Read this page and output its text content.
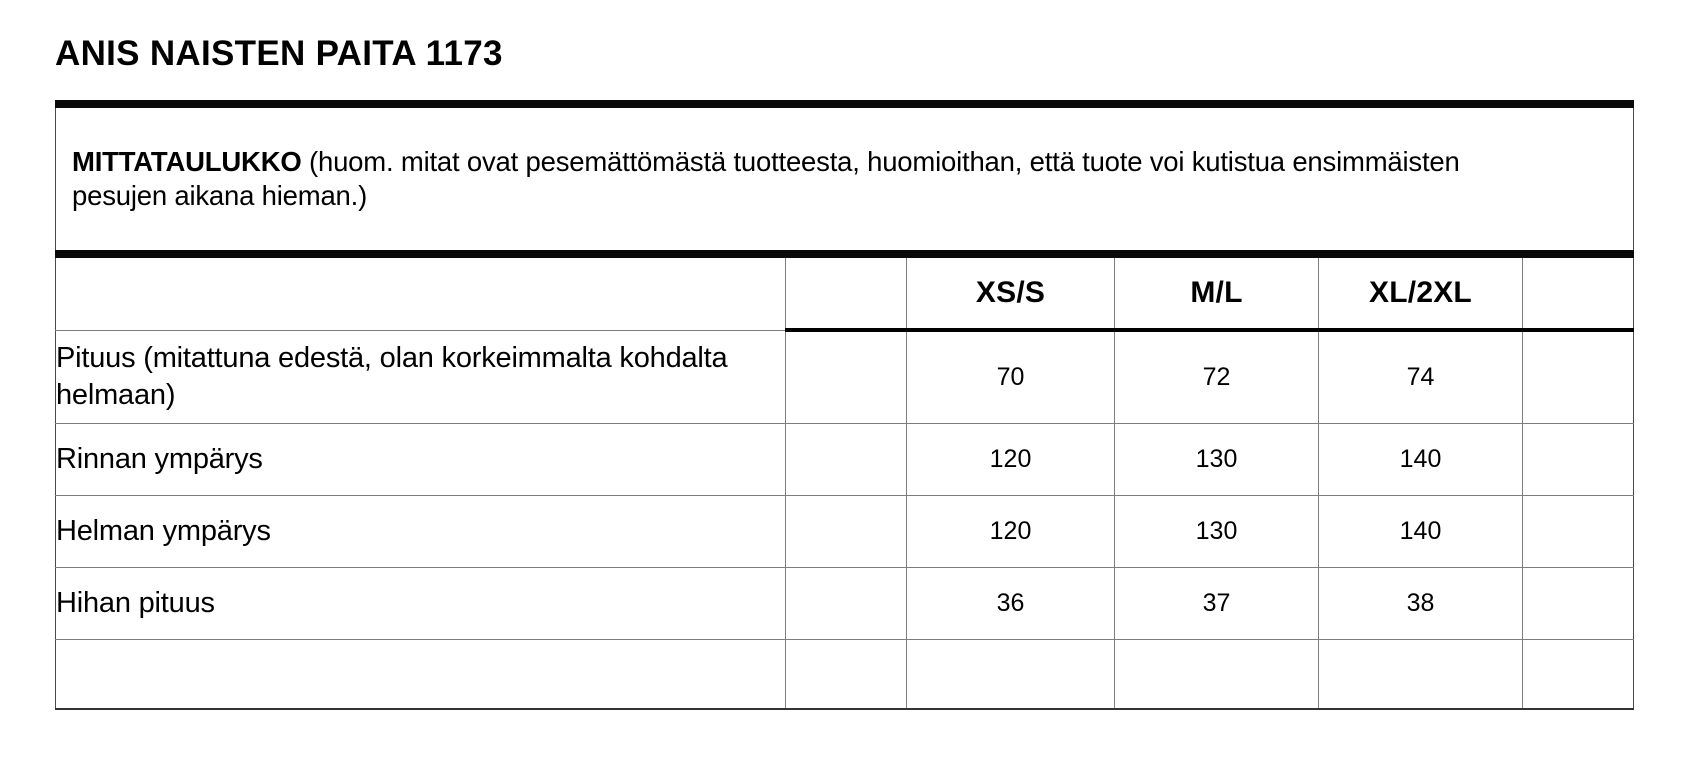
ANIS NAISTEN PAITA 1173
MITTATAULUKKO (huom. mitat ovat pesemättömästä tuotteesta, huomioithan, että tuote voi kutistua ensimmäisten pesujen aikana hieman.)
		XS/S	M/L	XL/2XL	
Pituus (mitattuna edestä, olan korkeimmalta kohdalta helmaan)		70	72	74	
Rinnan ympärys		120	130	140	
Helman ympärys		120	130	140	
Hihan pituus		36	37	38	
